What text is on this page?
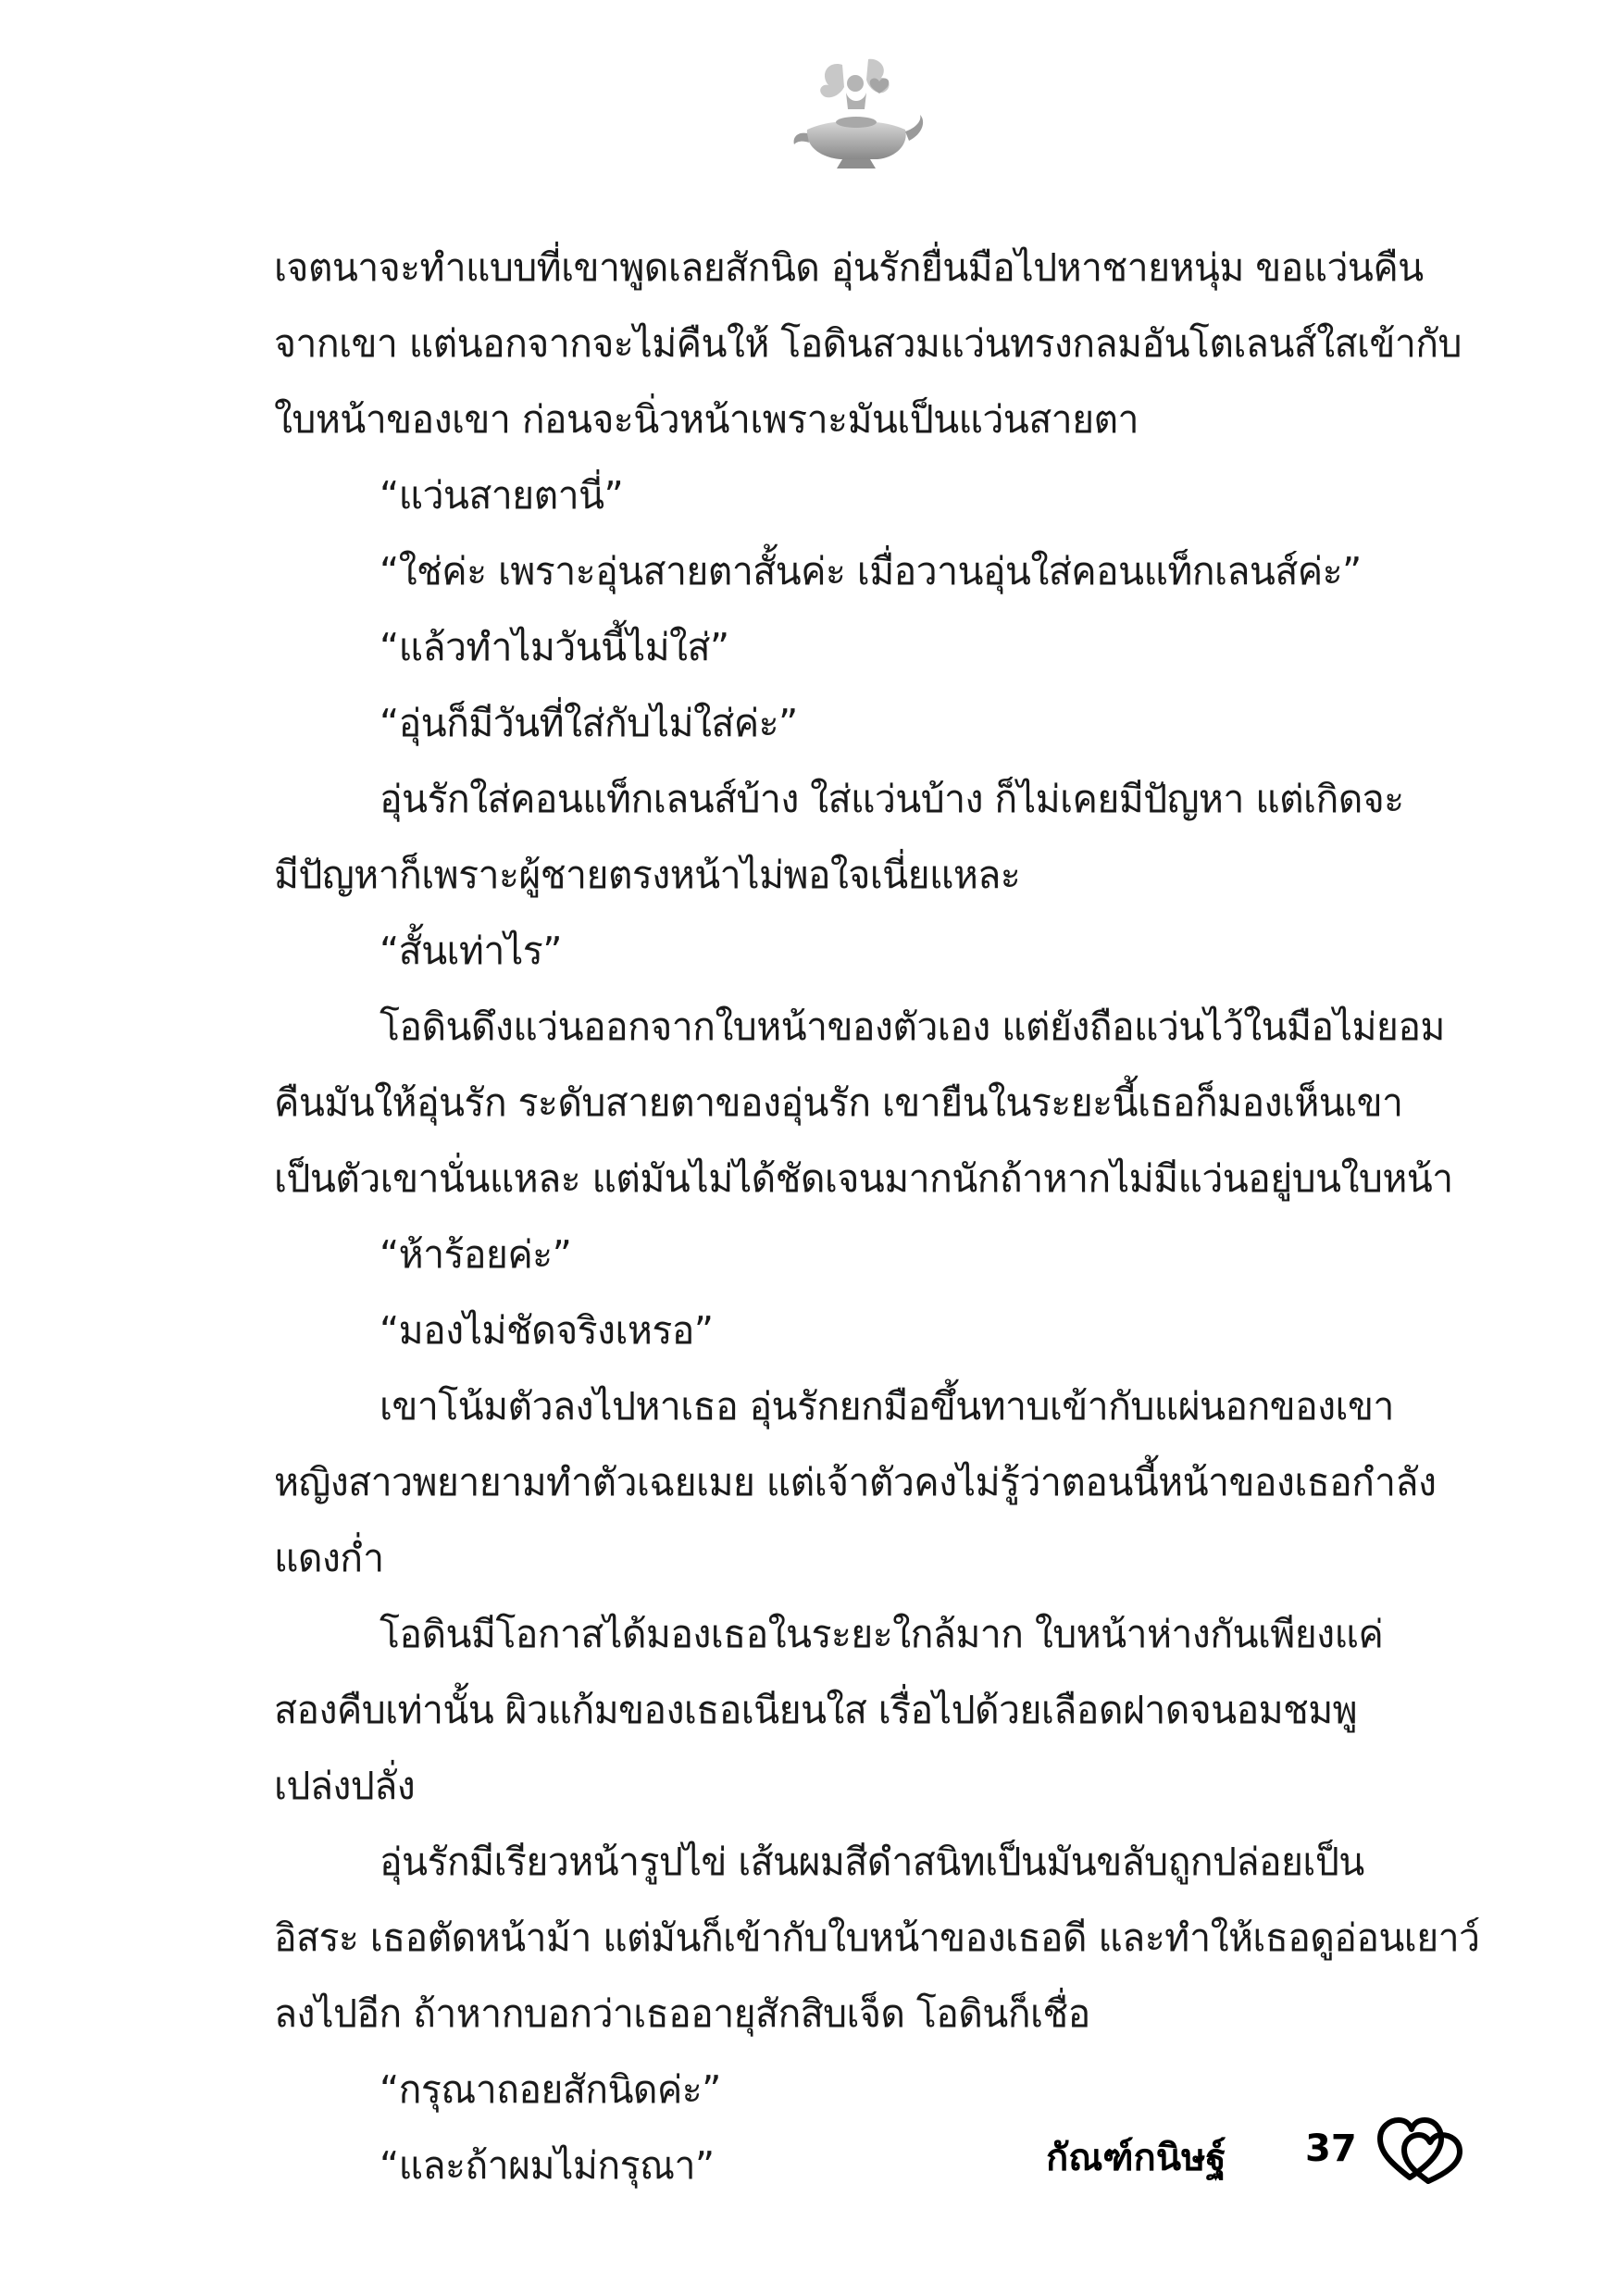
เจตนาจะทำแบบที่เขาพูดเลยสักนิด อุ่นรักยื่นมือไปหาชายหนุ่ม ขอแว่นคืน

จากเขา แต่นอกจากจะไม่คืนให้ โอดินสวมแว่นทรงกลมอันโตเลนส์ใสเข้ากับ

ใบหน้าของเขา ก่อนจะนิ่วหน้าเพราะมันเป็นแว่นสายตา

“แว่นสายตานี่”

“ใช่ค่ะ เพราะอุ่นสายตาสั้นค่ะ เมื่อวานอุ่นใส่คอนแท็กเลนส์ค่ะ”

“แล้วทำไมวันนี้ไม่ใส่”

“อุ่นก็มีวันที่ใส่กับไม่ใส่ค่ะ”

อุ่นรักใส่คอนแท็กเลนส์บ้าง ใส่แว่นบ้าง ก็ไม่เคยมีปัญหา แต่เกิดจะ

มีปัญหาก็เพราะผู้ชายตรงหน้าไม่พอใจเนี่ยแหละ

“สั้นเท่าไร”

โอดินดึงแว่นออกจากใบหน้าของตัวเอง แต่ยังถือแว่นไว้ในมือไม่ยอม

คืนมันให้อุ่นรัก ระดับสายตาของอุ่นรัก เขายืนในระยะนี้เธอก็มองเห็นเขา

เป็นตัวเขานั่นแหละ แต่มันไม่ได้ชัดเจนมากนักถ้าหากไม่มีแว่นอยู่บนใบหน้า

“ห้าร้อยค่ะ”

“มองไม่ชัดจริงเหรอ”

เขาโน้มตัวลงไปหาเธอ อุ่นรักยกมือขึ้นทาบเข้ากับแผ่นอกของเขา

หญิงสาวพยายามทำตัวเฉยเมย แต่เจ้าตัวคงไม่รู้ว่าตอนนี้หน้าของเธอกำลัง

แดงก่ำ

โอดินมีโอกาสได้มองเธอในระยะใกล้มาก ใบหน้าห่างกันเพียงแค่

สองคืบเท่านั้น ผิวแก้มของเธอเนียนใส เรื่อไปด้วยเลือดฝาดจนอมชมพู

เปล่งปลั่ง

อุ่นรักมีเรียวหน้ารูปไข่ เส้นผมสีดำสนิทเป็นมันขลับถูกปล่อยเป็น

อิสระ เธอตัดหน้าม้า แต่มันก็เข้ากับใบหน้าของเธอดี และทำให้เธอดูอ่อนเยาว์

ลงไปอีก ถ้าหากบอกว่าเธออายุสักสิบเจ็ด โอดินก็เชื่อ

“กรุณาถอยสักนิดค่ะ”

“และถ้าผมไม่กรุณา”	กัณฑ์กนิษฐ์ 37
